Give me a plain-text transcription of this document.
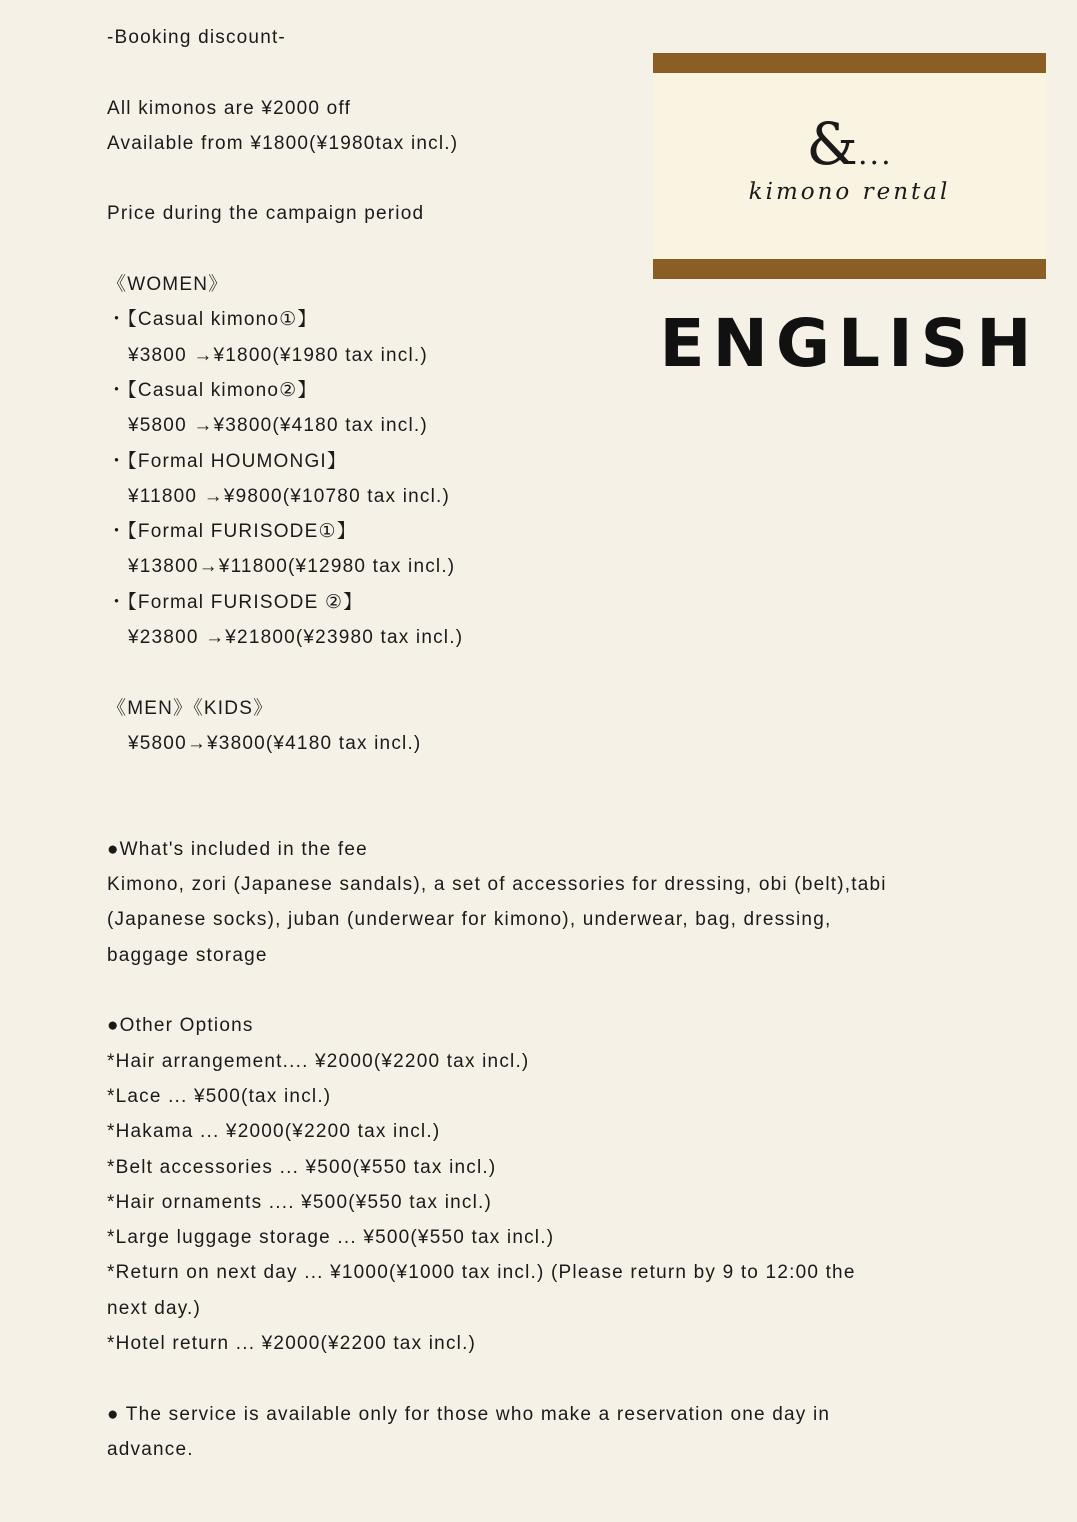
-Booking discount-
All kimonos are ¥2000 off
Available from ¥1800(¥1980tax incl.)
Price during the campaign period
《WOMEN》
・【Casual kimono①】
¥3800 →¥1800(¥1980 tax incl.)
・【Casual kimono②】
¥5800 →¥3800(¥4180 tax incl.)
・【Formal HOUMONGI】
¥11800 →¥9800(¥10780 tax incl.)
・【Formal FURISODE①】
¥13800→¥11800(¥12980 tax incl.)
・【Formal FURISODE ②】
¥23800 →¥21800(¥23980 tax incl.)
《MEN》《KIDS》
¥5800→¥3800(¥4180 tax incl.)
●What's included in the fee
Kimono, zori (Japanese sandals), a set of accessories for dressing, obi (belt),tabi
(Japanese socks), juban (underwear for kimono), underwear, bag, dressing,
baggage storage
●Other Options
*Hair arrangement.... ¥2000(¥2200 tax incl.)
*Lace ... ¥500(tax incl.)
*Hakama ... ¥2000(¥2200 tax incl.)
*Belt accessories ... ¥500(¥550 tax incl.)
*Hair ornaments .... ¥500(¥550 tax incl.)
*Large luggage storage ... ¥500(¥550 tax incl.)
*Return on next day ... ¥1000(¥1000 tax incl.) (Please return by 9 to 12:00 the
next day.)
*Hotel return ... ¥2000(¥2200 tax incl.)
● The service is available only for those who make a reservation one day in
advance.
&...
kimono rental
ENGLISH
